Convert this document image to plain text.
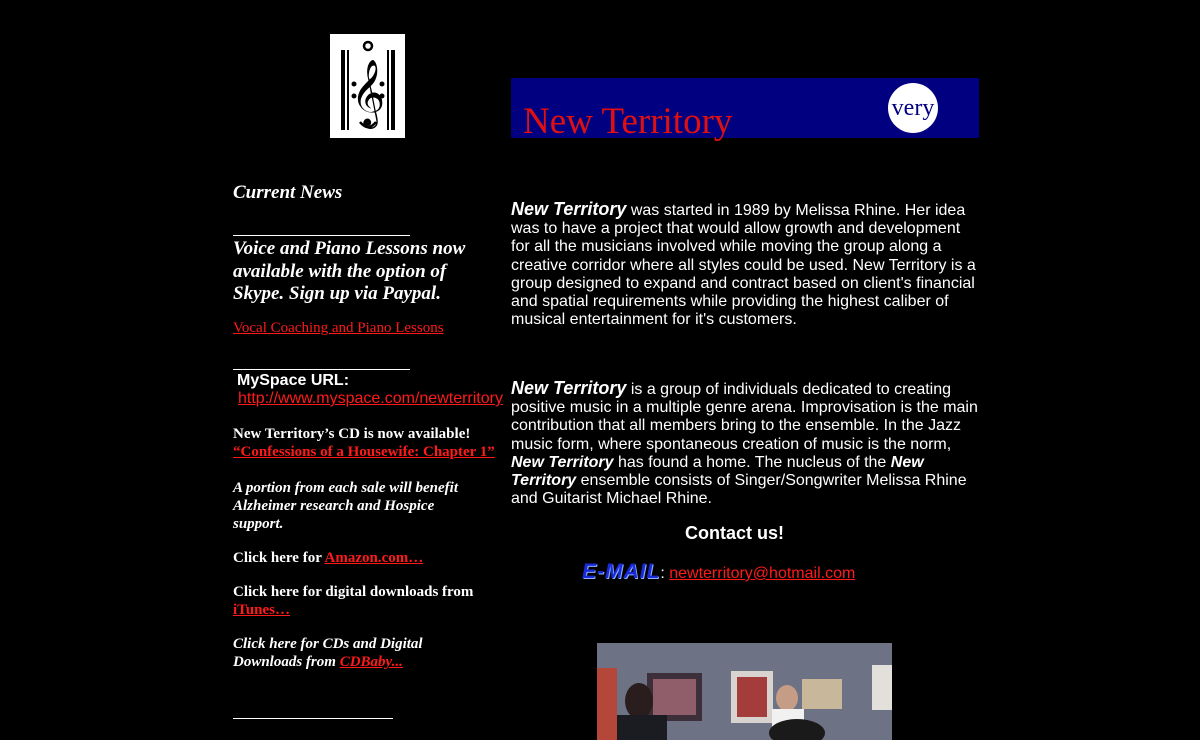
𝄞	New Territory	very
Current News
Voice and Piano Lessons now available with the option of Skype. Sign up via Paypal.
Vocal Coaching and Piano Lessons
MySpace URL:
http://www.myspace.com/newterritory
New Territory’s CD is now available!
“Confessions of a Housewife: Chapter 1”
A portion from each sale will benefit Alzheimer research and Hospice support.
Click here for Amazon.com…
Click here for digital downloads from
iTunes…
Click here for CDs and Digital Downloads from CDBaby...
New Territory was started in 1989 by Melissa Rhine. Her idea was to have a project that would allow growth and development for all the musicians involved while moving the group along a creative corridor where all styles could be used. New Territory is a group designed to expand and contract based on client's financial and spatial requirements while providing the highest caliber of musical entertainment for it's customers.
New Territory is a group of individuals dedicated to creating positive music in a multiple genre arena. Improvisation is the main contribution that all members bring to the ensemble. In the Jazz music form, where spontaneous creation of music is the norm, New Territory has found a home. The nucleus of the New Territory ensemble consists of Singer/Songwriter Melissa Rhine and Guitarist Michael Rhine.
Contact us!
E-MAIL: newterritory@hotmail.com
